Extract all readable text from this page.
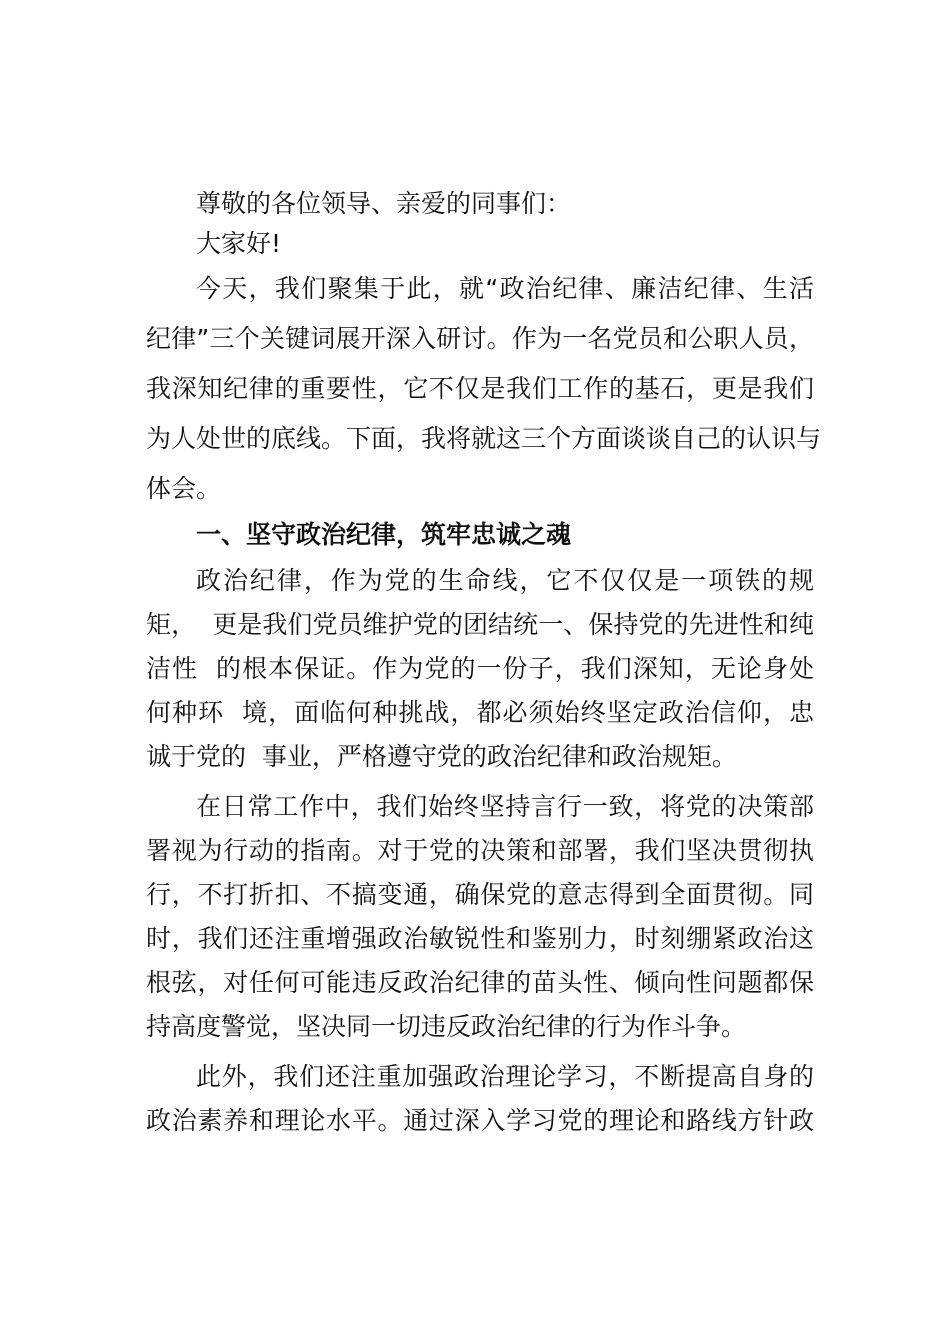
尊敬的各位领导、亲爱的同事们：
大家好!
今天，我们聚集于此，就“政治纪律、廉洁纪律、生活
纪律”三个关键词展开深入研讨。作为一名党员和公职人员，
我深知纪律的重要性，它不仅是我们工作的基石，更是我们
为人处世的底线。下面，我将就这三个方面谈谈自己的认识与
体会。
一、坚守政治纪律，筑牢忠诚之魂
政治纪律，作为党的生命线，它不仅仅是一项铁的规
矩，  更是我们党员维护党的团结统一、保持党的先进性和纯
洁性  的根本保证。作为党的一份子，我们深知，无论身处
何种环  境，面临何种挑战，都必须始终坚定政治信仰，忠
诚于党的  事业，严格遵守党的政治纪律和政治规矩。
在日常工作中，我们始终坚持言行一致，将党的决策部
署视为行动的指南。对于党的决策和部署，我们坚决贯彻执
行，不打折扣、不搞变通，确保党的意志得到全面贯彻。同
时，我们还注重增强政治敏锐性和鉴别力，时刻绷紧政治这
根弦，对任何可能违反政治纪律的苗头性、倾向性问题都保
持高度警觉，坚决同一切违反政治纪律的行为作斗争。
此外，我们还注重加强政治理论学习，不断提高自身的
政治素养和理论水平。通过深入学习党的理论和路线方针政
